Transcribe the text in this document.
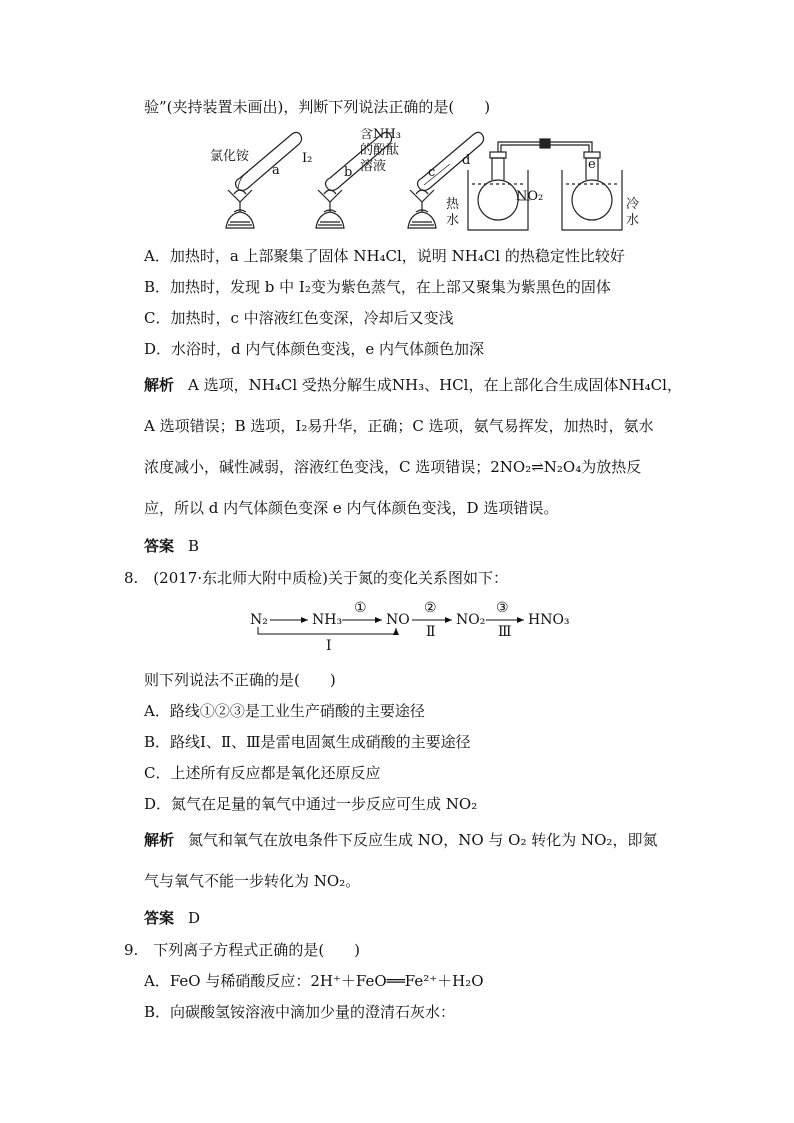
验”(夹持装置未画出)，判断下列说法正确的是(　　)
氯化铵
a
I₂
b
含NH₃
的酚酞
溶液	c
d	e
NO₂
热
水
冷
水
A．加热时，a 上部聚集了固体 NH₄Cl，说明 NH₄Cl 的热稳定性比较好
B．加热时，发现 b 中 I₂变为紫色蒸气，在上部又聚集为紫黑色的固体
C．加热时，c 中溶液红色变深，冷却后又变浅
D．水浴时，d 内气体颜色变浅，e 内气体颜色加深
解析 A 选项，NH₄Cl 受热分解生成NH₃、HCl，在上部化合生成固体NH₄Cl，
A 选项错误；B 选项，I₂易升华，正确；C 选项，氨气易挥发，加热时，氨水
浓度减小，碱性减弱，溶液红色变浅，C 选项错误；2NO₂⇌N₂O₄为放热反
应，所以 d 内气体颜色变深 e 内气体颜色变浅，D 选项错误。
答案 B
8.　(2017·东北师大附中质检)关于氮的变化关系图如下：
N₂	NH₃	NO	NO₂	HNO₃
①	②	③
Ⅰ
Ⅱ	Ⅲ
则下列说法不正确的是(　　)
A．路线①②③是工业生产硝酸的主要途径
B．路线Ⅰ、Ⅱ、Ⅲ是雷电固氮生成硝酸的主要途径
C．上述所有反应都是氧化还原反应
D．氮气在足量的氧气中通过一步反应可生成 NO₂
解析 氮气和氧气在放电条件下反应生成 NO，NO 与 O₂ 转化为 NO₂，即氮
气与氧气不能一步转化为 NO₂。
答案 D
9.　下列离子方程式正确的是(　　)
A．FeO 与稀硝酸反应：2H⁺＋FeO══Fe²⁺＋H₂O
B．向碳酸氢铵溶液中滴加少量的澄清石灰水：
